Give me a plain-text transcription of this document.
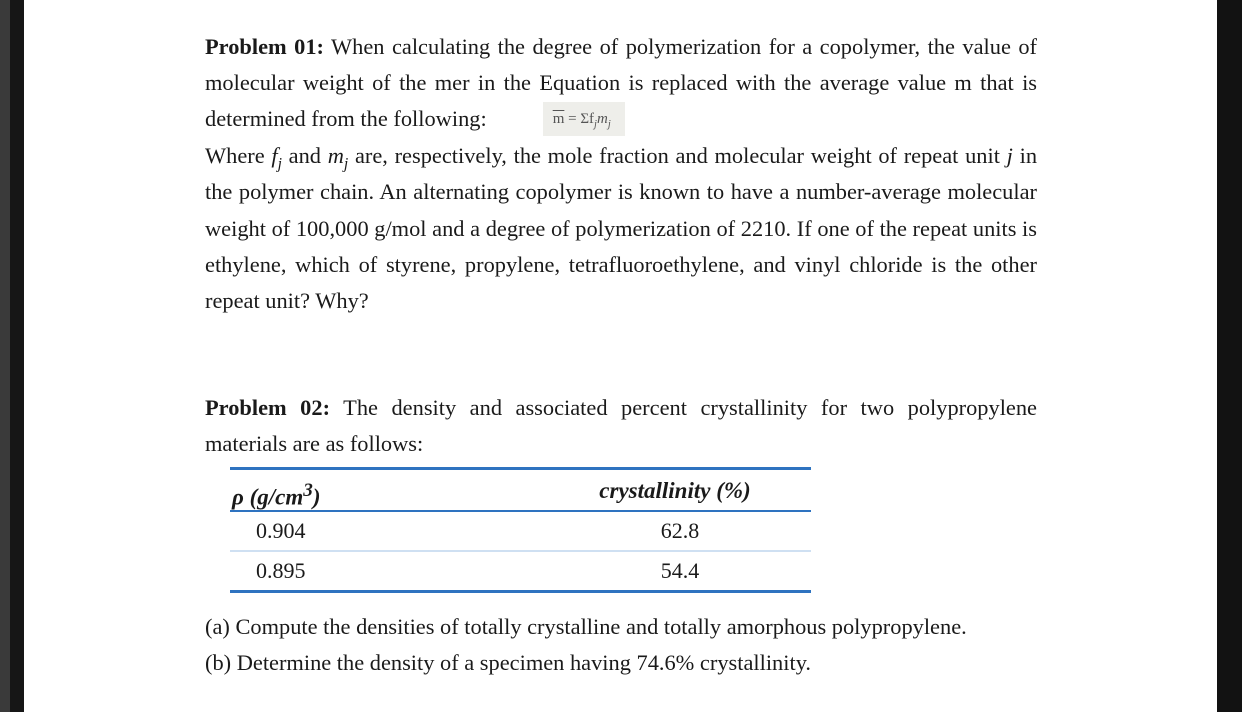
Problem 01: When calculating the degree of polymerization for a copolymer, the value of molecular weight of the mer in the Equation is replaced with the average value m that is determined from the following:	$\overline{m} = \Sigma f_jm_j$
Where $f_j$ and $m_j$ are, respectively, the mole fraction and molecular weight of repeat unit j in the polymer chain. An alternating copolymer is known to have a number-average molecular weight of 100,000 g/mol and a degree of polymerization of 2210. If one of the repeat units is ethylene, which of styrene, propylene, tetrafluoroethylene, and vinyl chloride is the other repeat unit? Why?
Problem 02: The density and associated percent crystallinity for two polypropylene materials are as follows:
ρ $(g/cm^3)$	crystallinity (%)
0.904	62.8
0.895	54.4
(a) Compute the densities of totally crystalline and totally amorphous polypropylene.
(b) Determine the density of a specimen having 74.6% crystallinity.
